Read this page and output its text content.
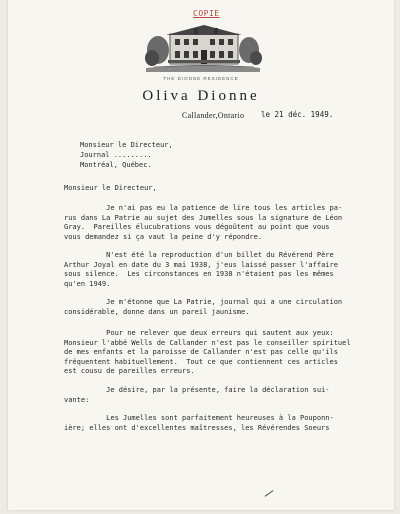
COPIE
THE DIONNE RESIDENCE
Oliva Dionne
Callander,Ontario le 21 déc. 1949.
Monsieur le Directeur,
Journal .........
Montréal, Québec.
Monsieur le Directeur,
Je n'ai pas eu la patience de lire tous les articles pa-
rus dans La Patrie au sujet des Jumelles sous la signature de Léon
Gray.  Pareilles élucubrations vous dégoûtent au point que vous
vous demandez si ça vaut la peine d'y répondre.
N'est été la reproduction d'un billet du Révérend Père
Arthur Joyal en date du 3 mai 1938, j'eus laissé passer l'affaire
sous silence.  Les circonstances en 1938 n'étaient pas les mêmes
qu'en 1949.
Je m'étonne que La Patrie, journal qui a une circulation
considérable, donne dans un pareil jaunisme.
Pour ne relever que deux erreurs qui sautent aux yeux:
Monsieur l'abbé Wells de Callander n'est pas le conseiller spirituel
de mes enfants et la paroisse de Callander n'est pas celle qu'ils
fréquentent habituellement.  Tout ce que contiennent ces articles
est cousu de pareilles erreurs.
Je désire, par la présente, faire la déclaration sui-
vante:
Les Jumelles sont parfaitement heureuses à la Pouponn-
ière; elles ont d'excellentes maîtresses, les Révérendes Soeurs
